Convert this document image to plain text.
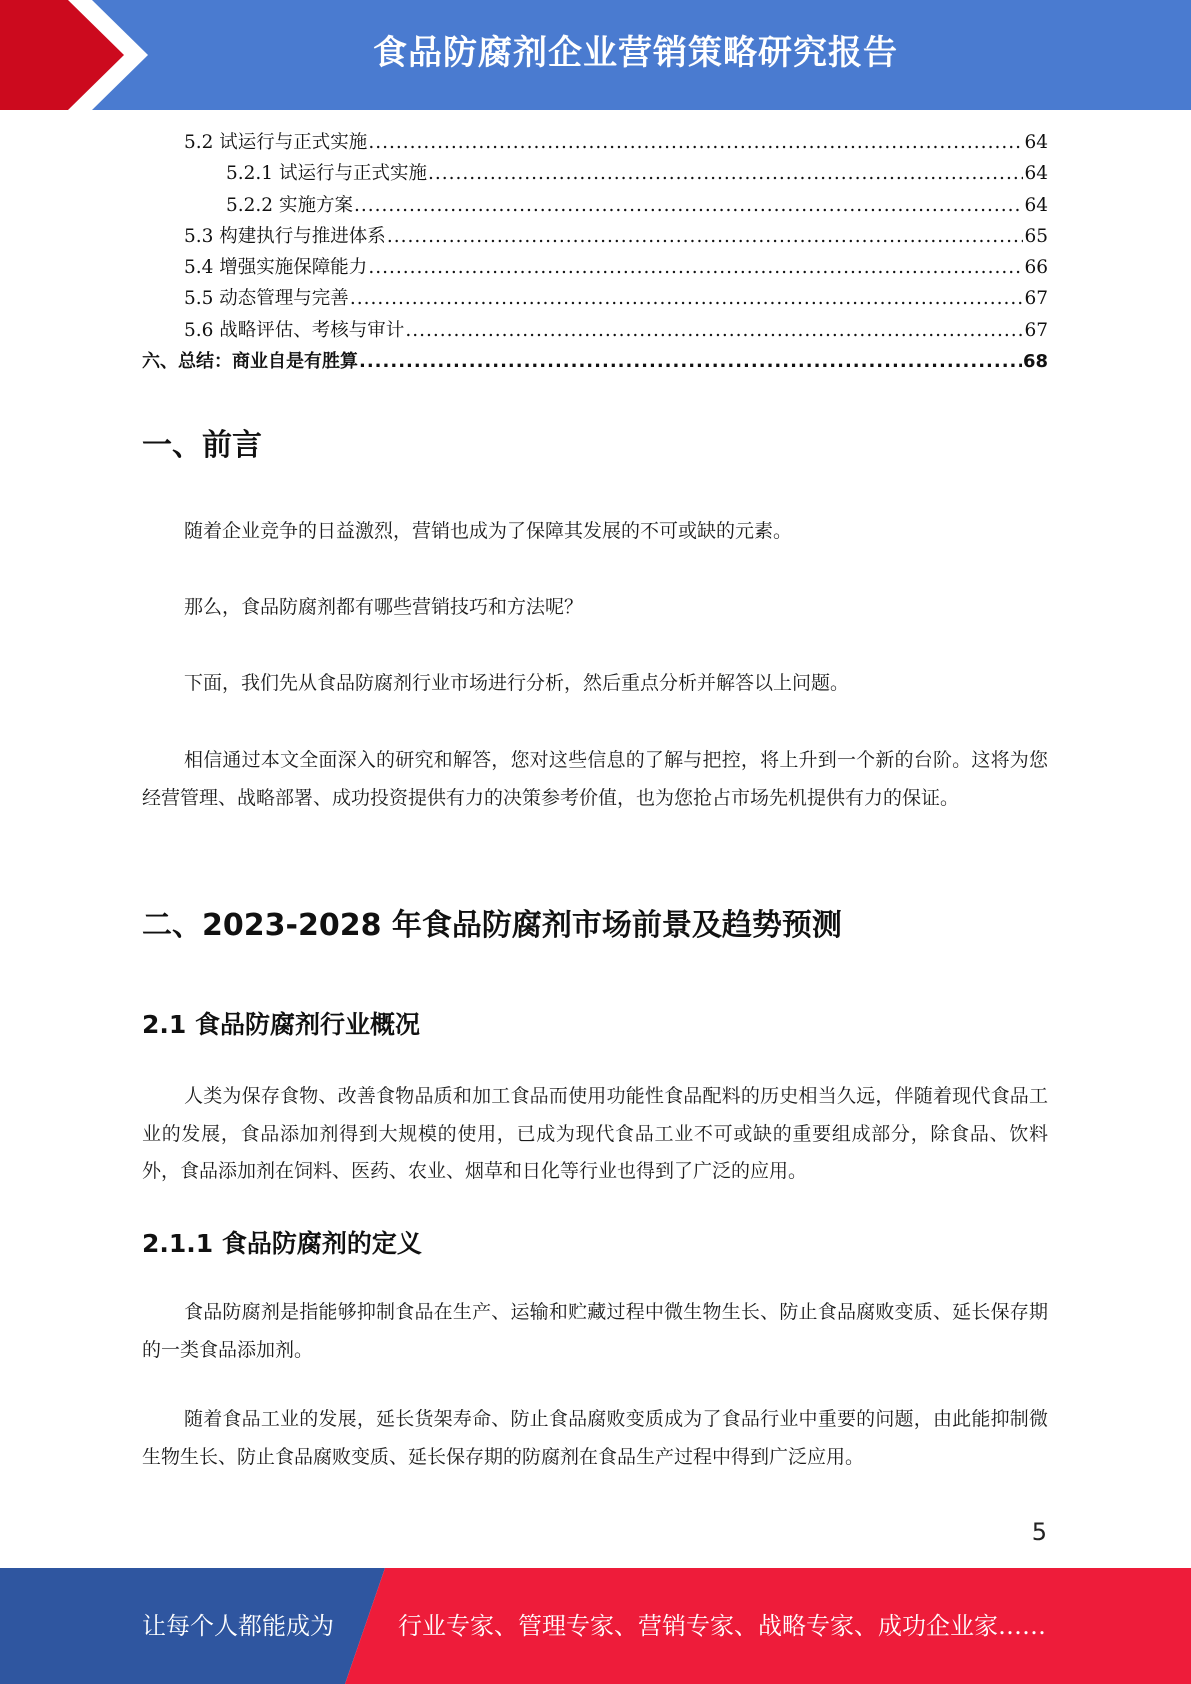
食品防腐剂企业营销策略研究报告
5.2 试运行与正式实施 .....	64
5.2.1 试运行与正式实施 .....	64
5.2.2 实施方案 .....	64
5.3 构建执行与推进体系 .....	65
5.4 增强实施保障能力 .....	66
5.5 动态管理与完善 .....	67
5.6 战略评估、考核与审计 .....	67
六、总结：商业自是有胜算 .....	68
一、前言

随着企业竞争的日益激烈，营销也成为了保障其发展的不可或缺的元素。

那么，食品防腐剂都有哪些营销技巧和方法呢？

下面，我们先从食品防腐剂行业市场进行分析，然后重点分析并解答以上问题。

相信通过本文全面深入的研究和解答，您对这些信息的了解与把控，将上升到一个新的台阶。这将为您经营管理、战略部署、成功投资提供有力的决策参考价值，也为您抢占市场先机提供有力的保证。

二、2023-2028 年食品防腐剂市场前景及趋势预测
2.1 食品防腐剂行业概况

人类为保存食物、改善食物品质和加工食品而使用功能性食品配料的历史相当久远，伴随着现代食品工业的发展，食品添加剂得到大规模的使用，已成为现代食品工业不可或缺的重要组成部分，除食品、饮料外，食品添加剂在饲料、医药、农业、烟草和日化等行业也得到了广泛的应用。

2.1.1 食品防腐剂的定义

食品防腐剂是指能够抑制食品在生产、运输和贮藏过程中微生物生长、防止食品腐败变质、延长保存期的一类食品添加剂。

随着食品工业的发展，延长货架寿命、防止食品腐败变质成为了食品行业中重要的问题，由此能抑制微生物生长、防止食品腐败变质、延长保存期的防腐剂在食品生产过程中得到广泛应用。

5
让每个人都能成为	行业专家、管理专家、营销专家、战略专家、成功企业家……
